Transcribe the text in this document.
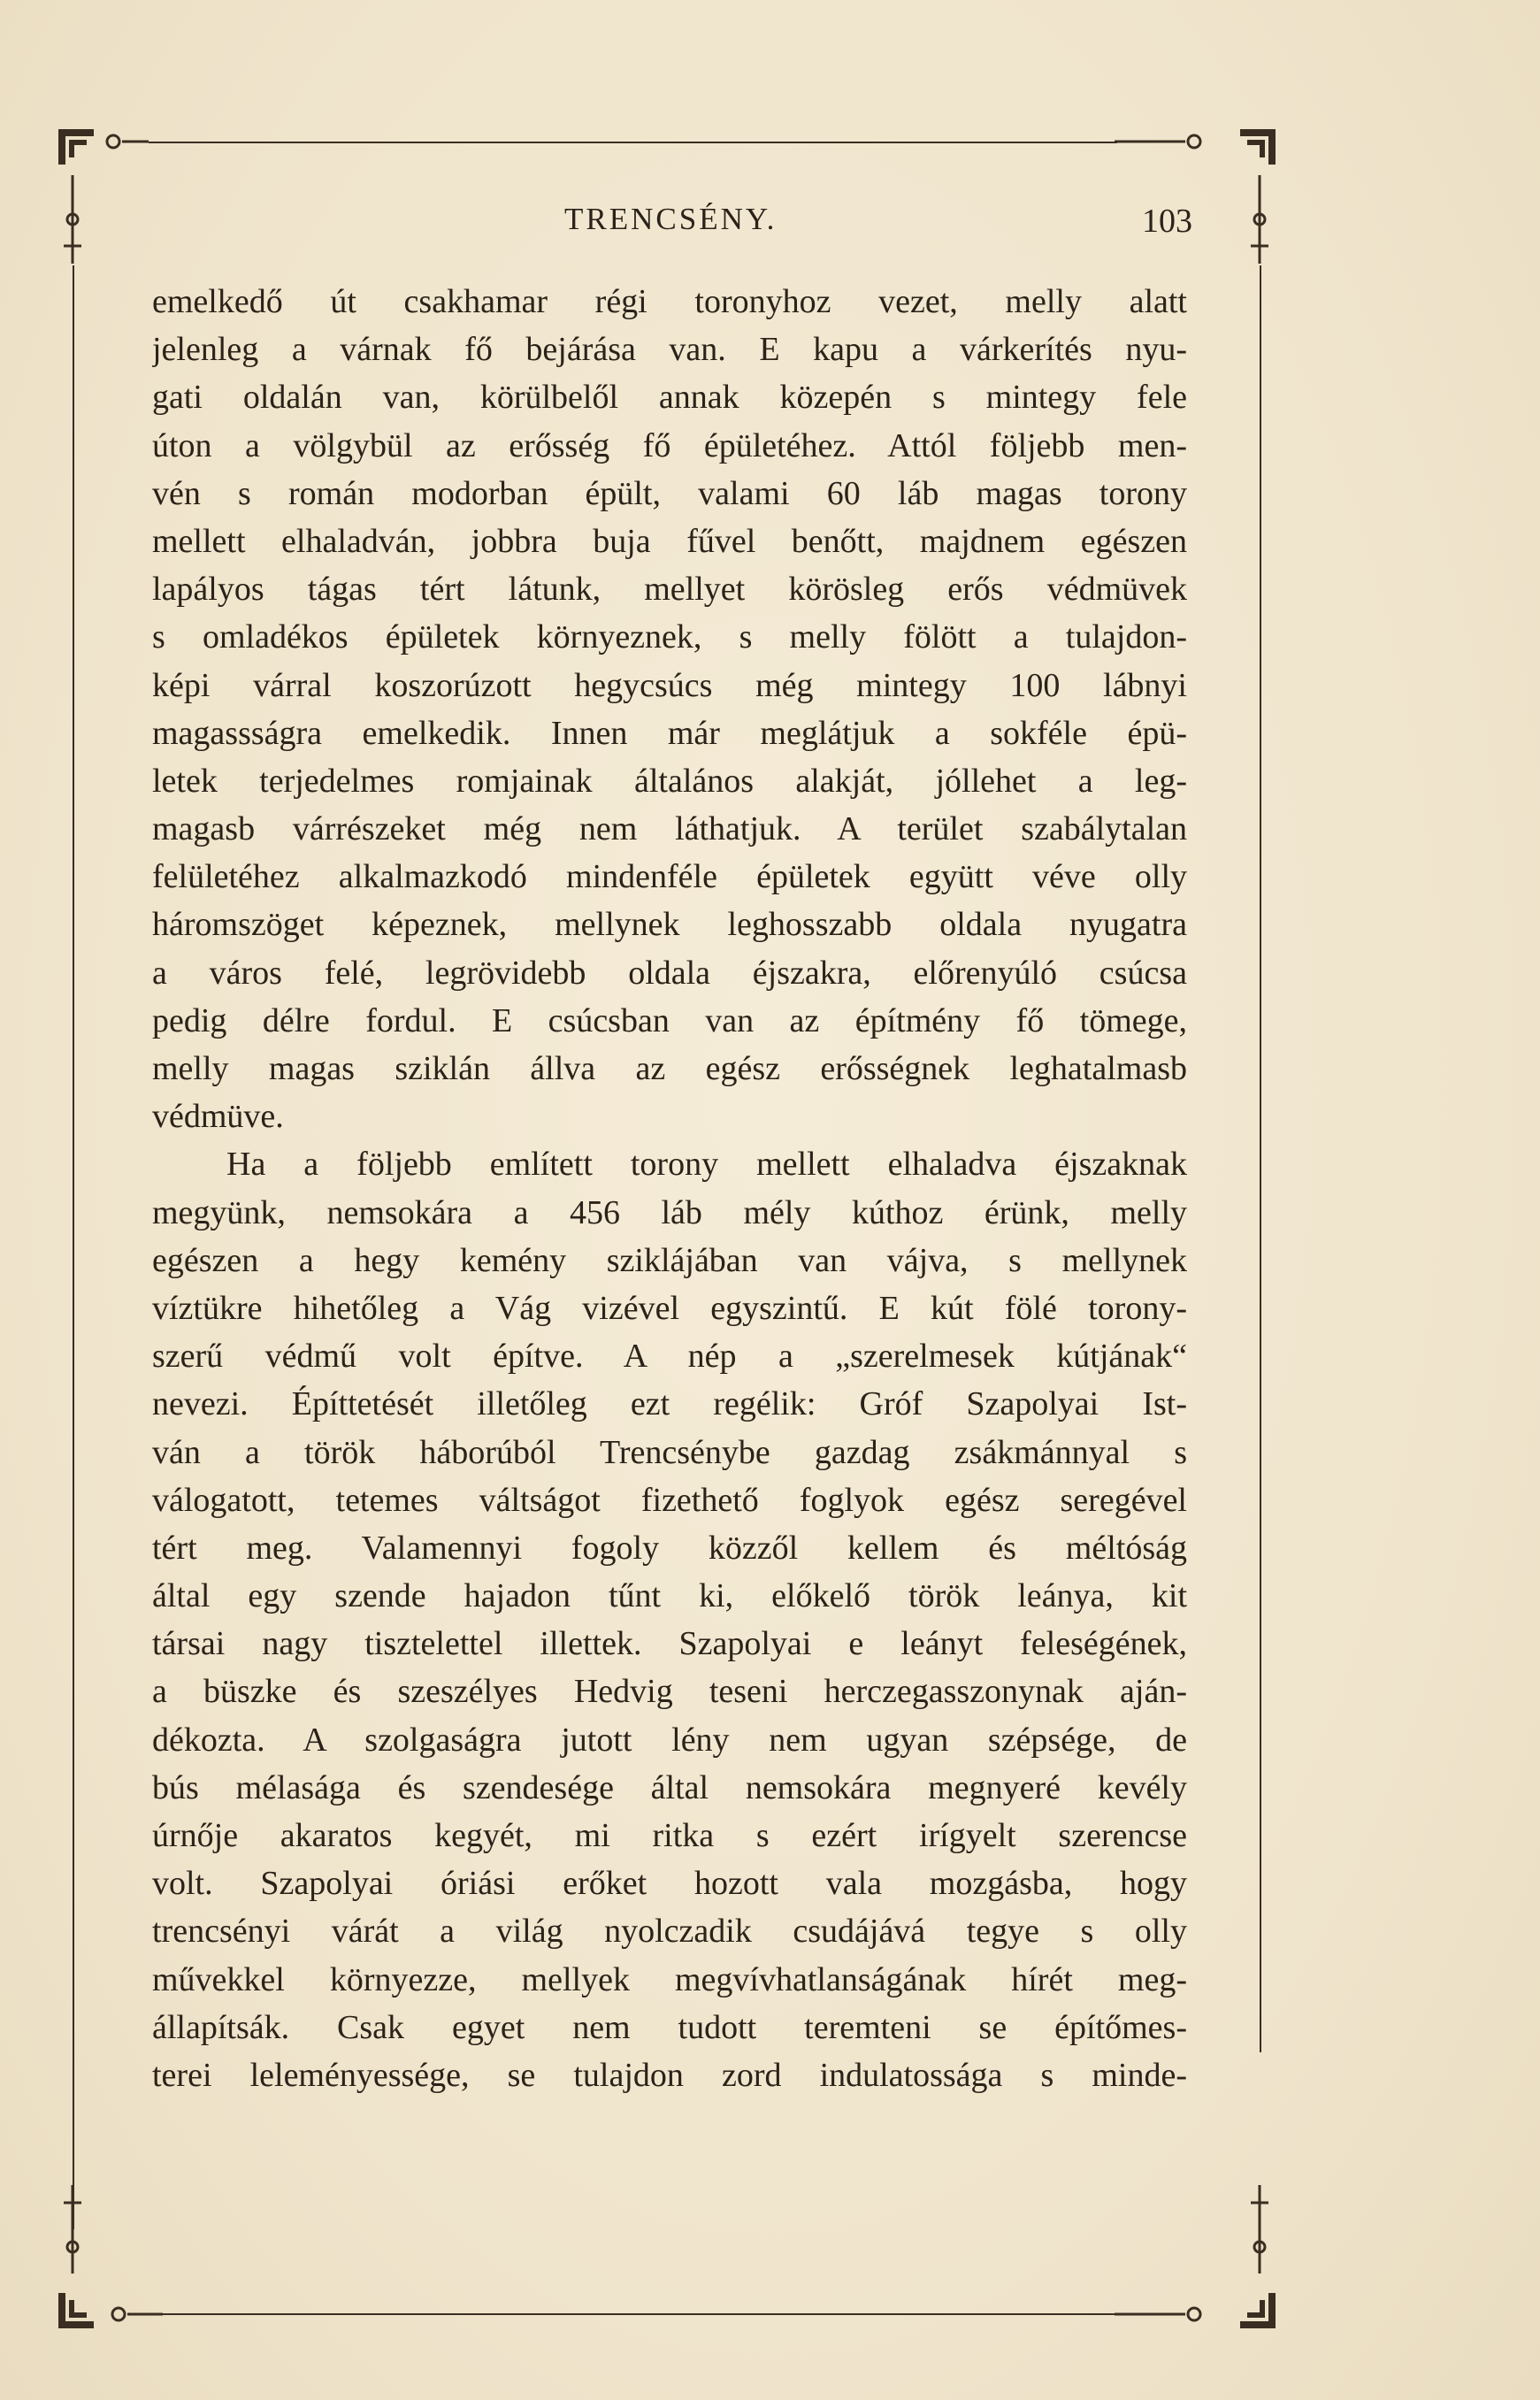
TRENCSÉNY.	103
emelkedő út csakhamar régi toronyhoz vezet, melly alatt
jelenleg a várnak fő bejárása van. E kapu a várkerítés nyu-
gati oldalán van, körülbelől annak közepén s mintegy fele
úton a völgybül az erősség fő épületéhez. Attól följebb men-
vén s román modorban épült, valami 60 láb magas torony
mellett elhaladván, jobbra buja fűvel benőtt, majdnem egészen
lapályos tágas tért látunk, mellyet körösleg erős védmüvek
s omladékos épületek környeznek, s melly fölött a tulajdon-
képi várral koszorúzott hegycsúcs még mintegy 100 lábnyi
magassságra emelkedik. Innen már meglátjuk a sokféle épü-
letek terjedelmes romjainak általános alakját, jóllehet a leg-
magasb várrészeket még nem láthatjuk. A terület szabálytalan
felületéhez alkalmazkodó mindenféle épületek együtt véve olly
háromszöget képeznek, mellynek leghosszabb oldala nyugatra
a város felé, legrövidebb oldala éjszakra, előrenyúló csúcsa
pedig délre fordul. E csúcsban van az építmény fő tömege,
melly magas sziklán állva az egész erősségnek leghatalmasb
védmüve.
Ha a följebb említett torony mellett elhaladva éjszaknak
megyünk, nemsokára a 456 láb mély kúthoz érünk, melly
egészen a hegy kemény sziklájában van vájva, s mellynek
víztükre hihetőleg a Vág vizével egyszintű. E kút fölé torony-
szerű védmű volt építve. A nép a „szerelmesek kútjának“
nevezi. Építtetését illetőleg ezt regélik: Gróf Szapolyai Ist-
ván a török háborúból Trencsénybe gazdag zsákmánnyal s
válogatott, tetemes váltságot fizethető foglyok egész seregével
tért meg. Valamennyi fogoly közzől kellem és méltóság
által egy szende hajadon tűnt ki, előkelő török leánya, kit
társai nagy tisztelettel illettek. Szapolyai e leányt feleségének,
a büszke és szeszélyes Hedvig teseni herczegasszonynak aján-
dékozta. A szolgaságra jutott lény nem ugyan szépsége, de
bús mélasága és szendesége által nemsokára megnyeré kevély
úrnője akaratos kegyét, mi ritka s ezért irígyelt szerencse
volt. Szapolyai óriási erőket hozott vala mozgásba, hogy
trencsényi várát a világ nyolczadik csudájává tegye s olly
művekkel környezze, mellyek megvívhatlanságának hírét meg-
állapítsák. Csak egyet nem tudott teremteni se építőmes-
terei leleményessége, se tulajdon zord indulatossága s minde-
